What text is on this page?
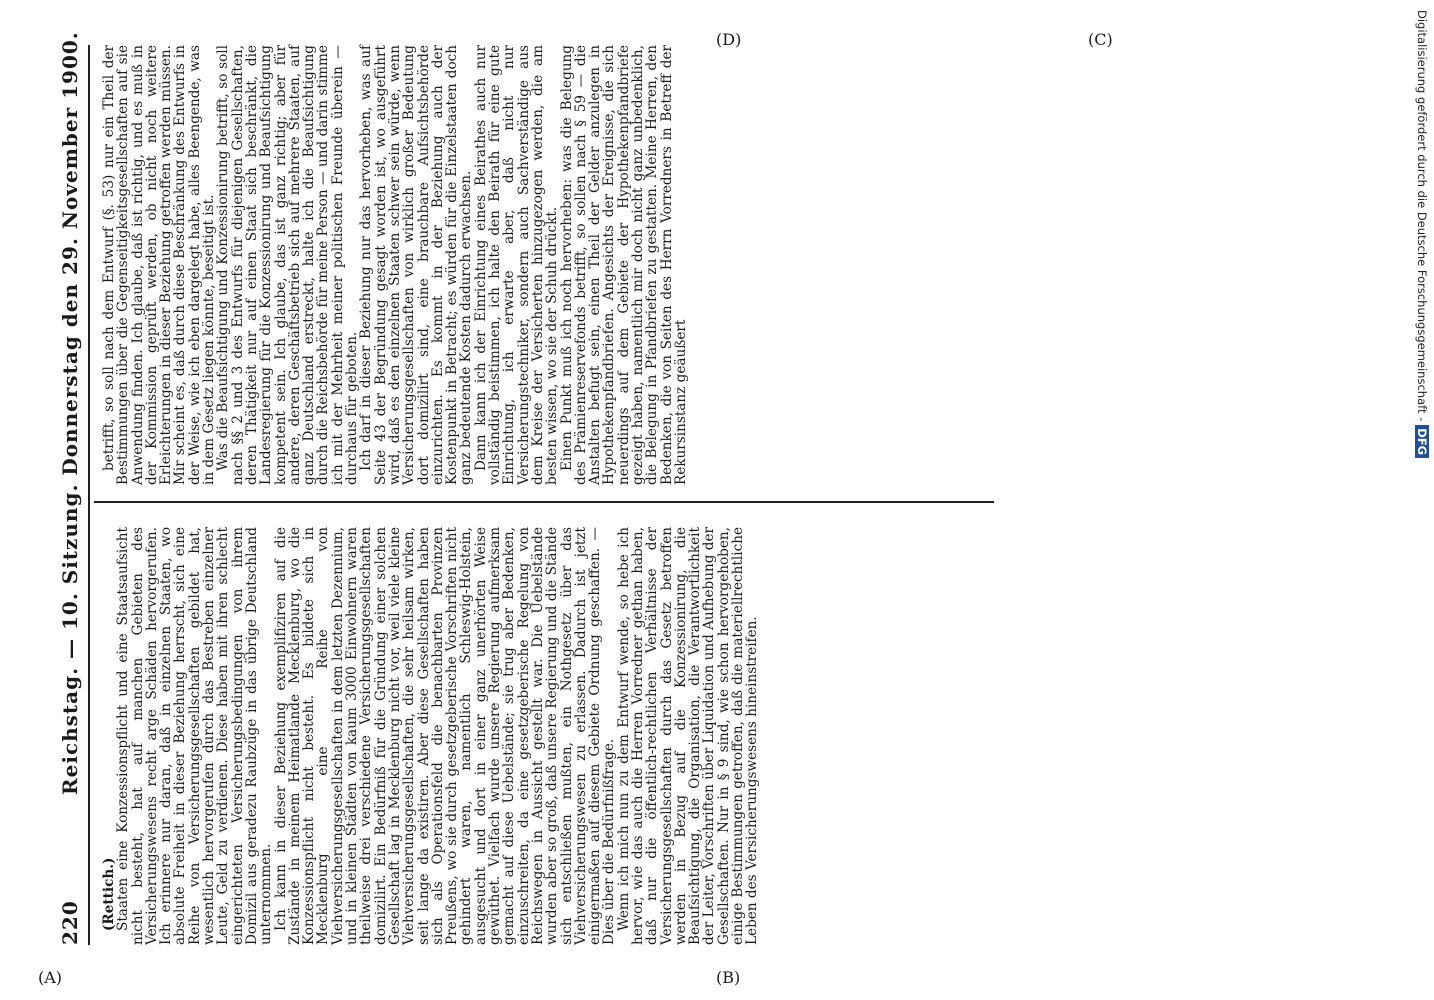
220
Reichstag. — 10. Sitzung. Donnerstag den 29. November 1900.

(Rettich.)

Staaten eine Konzessionspflicht und eine Staatsaufsicht nicht besteht, hat auf manchen Gebieten des Versicherungswesens recht arge Schäden hervorgerufen. Ich erinnere nur daran, daß in einzelnen Staaten, wo absolute Freiheit in dieser Beziehung herrscht, sich eine Reihe von Versicherungsgesellschaften gebildet hat, wesentlich hervorgerufen durch das Bestreben einzelner Leute, Geld zu verdienen. Diese haben mit ihren schlecht eingerichteten Versicherungsbedingungen von ihrem Domizil aus geradezu Raubzüge in das übrige Deutschland unternommen.

Ich kann in dieser Beziehung exemplifiziren auf die Zustände in meinem Heimatlande Mecklenburg, wo die Konzessionspflicht nicht besteht. Es bildete sich in Mecklenburg eine Reihe von Viehversicherungsgesellschaften in dem letzten Dezennium, und in kleinen Städten von kaum 3000 Einwohnern waren theilweise drei verschiedene Versicherungsgesellschaften domizilirt. Ein Bedürfniß für die Gründung einer solchen Gesellschaft lag in Mecklenburg nicht vor, weil viele kleine Viehversicherungsgesellschaften, die sehr heilsam wirken, seit lange da existiren. Aber diese Gesellschaften haben sich als Operationsfeld die benachbarten Provinzen Preußens, wo sie durch gesetzgeberische Vorschriften nicht gehindert waren, namentlich Schleswig-Holstein, ausgesucht und dort in einer ganz unerhörten Weise gewüthet. Vielfach wurde unsere Regierung aufmerksam gemacht auf diese Uebelstände; sie trug aber Bedenken, einzuschreiten, da eine gesetzgeberische Regelung von Reichswegen in Aussicht gestellt war. Die Uebelstände wurden aber so groß, daß unsere Regierung und die Stände sich entschließen mußten, ein Nothgesetz über das Viehversicherungswesen zu erlassen. Dadurch ist jetzt einigermaßen auf diesem Gebiete Ordnung geschaffen. — Dies über die Bedürfnißfrage.

Wenn ich mich nun zu dem Entwurf wende, so hebe ich hervor, wie das auch die Herren Vorredner gethan haben, daß nur die öffentlich-rechtlichen Verhältnisse der Versicherungsgesellschaften durch das Gesetz betroffen werden in Bezug auf die Konzessionirung, die Beaufsichtigung, die Organisation, die Verantwortlichkeit der Leiter, Vorschriften über Liquidation und Aufhebung der Gesellschaften. Nur in § 9 sind, wie schon hervorgehoben, einige Bestimmungen getroffen, daß die materiellrechtliche Leben des Versicherungswesens hineinstreifen.

betrifft, so soll nach dem Entwurf (§. 53) nur ein Theil der Bestimmungen über die Gegenseitigkeitsgesellschaften auf sie Anwendung finden. Ich glaube, daß ist richtig, und es muß in der Kommission geprüft werden, ob nicht noch weitere Erleichterungen in dieser Beziehung getroffen werden müssen. Mir scheint es, daß durch diese Beschränkung des Entwurfs in der Weise, wie ich eben dargelegt habe, alles Beengende, was in dem Gesetz liegen könnte, beseitigt ist.

Was die Beaufsichtigung und Konzessionirung betrifft, so soll nach §§ 2 und 3 des Entwurfs für diejenigen Gesellschaften, deren Thätigkeit nur auf einen Staat sich beschränkt, die Landesregierung für die Konzessionirung und Beaufsichtigung kompetent sein. Ich glaube, das ist ganz richtig; aber für andere, deren Geschäftsbetrieb sich auf mehrere Staaten, auf ganz Deutschland erstreckt, halte ich die Beaufsichtigung durch die Reichsbehörde für meine Person — und darin stimme ich mit der Mehrheit meiner politischen Freunde überein — durchaus für geboten.

Ich darf in dieser Beziehung nur das hervorheben, was auf Seite 43 der Begründung gesagt worden ist, wo ausgeführt wird, daß es den einzelnen Staaten schwer sein würde, wenn Versicherungsgesellschaften von wirklich großer Bedeutung dort domizilirt sind, eine brauchbare Aufsichtsbehörde einzurichten. Es kommt in der Beziehung auch der Kostenpunkt in Betracht; es würden für die Einzelstaaten doch ganz bedeutende Kosten dadurch erwachsen.

Dann kann ich der Einrichtung eines Beirathes auch nur vollständig beistimmen, ich halte den Beirath für eine gute Einrichtung, ich erwarte aber, daß nicht nur Versicherungstechniker, sondern auch Sachverständige aus dem Kreise der Versicherten hinzugezogen werden, die am besten wissen, wo sie der Schuh drückt.

Einen Punkt muß ich noch hervorheben: was die Belegung des Prämienreservefonds betrifft, so sollen nach § 59 — die Anstalten befugt sein, einen Theil der Gelder anzulegen in Hypothekenpfandbriefen. Angesichts der Ereignisse, die sich neuerdings auf dem Gebiete der Hypothekenpfandbriefe gezeigt haben, namentlich mir doch nicht ganz unbedenklich, die Belegung in Pfandbriefen zu gestatten. Meine Herren, den Bedenken, die von Seiten des Herrn Vorredners in Betreff der Rekursinstanz geäußert

(A)	(B)
(C)
(D)	Digitalisierung gefördert durch die Deutsche Forschungsgemeinschaft -DFG
